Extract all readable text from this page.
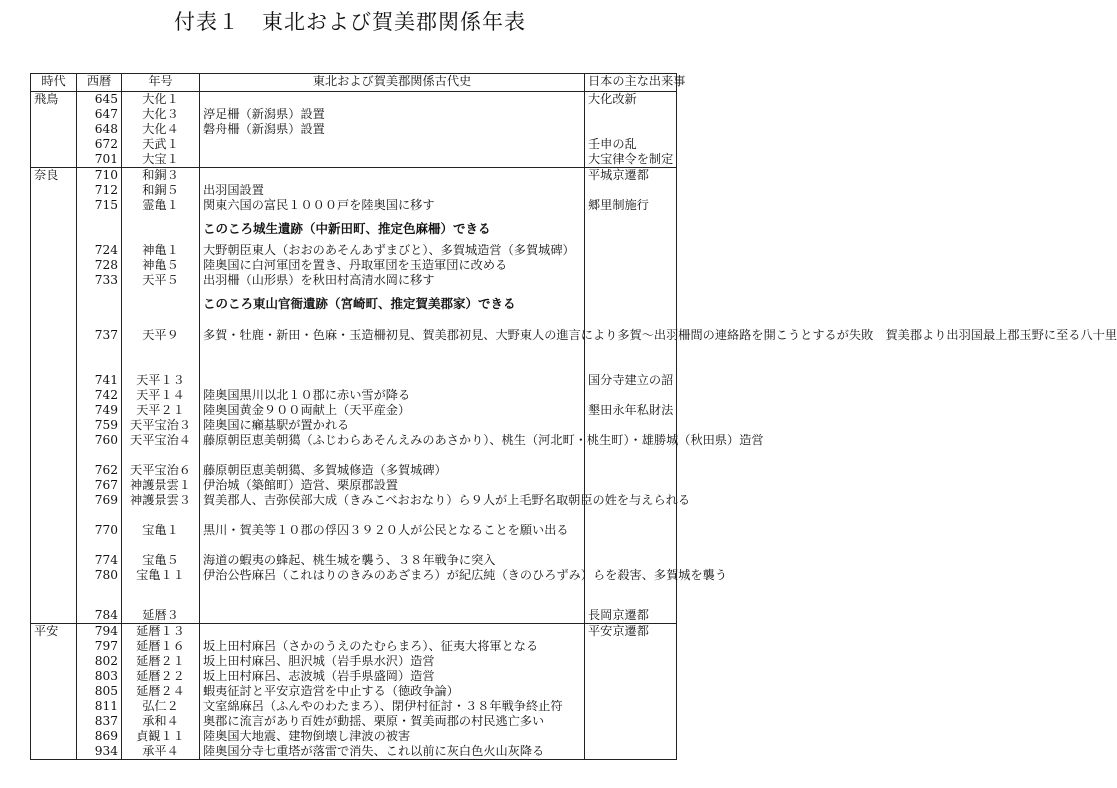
付表１　東北および賀美郡関係年表
時代	西暦	年号	東北および賀美郡関係古代史	日本の主な出来事
飛鳥	645	大化１		大化改新
	647	大化３	渟足柵（新潟県）設置	
	648	大化４	磐舟柵（新潟県）設置	
	672	天武１		壬申の乱
	701	大宝１		大宝律令を制定
奈良	710	和銅３		平城京遷都
	712	和銅５	出羽国設置	
	715	霊亀１	関東六国の富民１０００戸を陸奥国に移す	郷里制施行
			このころ城生遺跡（中新田町、推定色麻柵）できる	
	724	神亀１	大野朝臣東人（おおのあそんあずまびと）、多賀城造営（多賀城碑）	
	728	神亀５	陸奥国に白河軍団を置き、丹取軍団を玉造軍団に改める	
	733	天平５	出羽柵（山形県）を秋田村高清水岡に移す	
			このころ東山官衙遺跡（宮崎町、推定賀美郡家）できる	

	737	天平９	多賀・牡鹿・新田・色麻・玉造柵初見、賀美郡初見、大野東人の進言により多賀～出羽柵間の連絡路を開こうとするが失敗　賀美郡より出羽国最上郡玉野に至る八十里	
	741	天平１３		国分寺建立の詔
	742	天平１４	陸奥国黒川以北１０郡に赤い雪が降る	
	749	天平２１	陸奥国黄金９００両献上（天平産金）	墾田永年私財法
	759	天平宝治３	陸奥国に癩基駅が置かれる	
	760	天平宝治４	藤原朝臣恵美朝獦（ふじわらあそんえみのあさかり）、桃生（河北町・桃生町）・雄勝城（秋田県）造営	
	762	天平宝治６	藤原朝臣恵美朝獦、多賀城修造（多賀城碑）	
	767	神護景雲１	伊治城（築館町）造営、栗原郡設置	
	769	神護景雲３	賀美郡人、吉弥侯部大成（きみこべおおなり）ら９人が上毛野名取朝臣の姓を与えられる	
	770	宝亀１	黒川・賀美等１０郡の俘囚３９２０人が公民となることを願い出る	
	774	宝亀５	海道の蝦夷の蜂起、桃生城を襲う、３８年戦争に突入	
	780	宝亀１１	伊治公呰麻呂（これはりのきみのあざまろ）が紀広純（きのひろずみ）らを殺害、多賀城を襲う	

	784	延暦３		長岡京遷都
平安	794	延暦１３		平安京遷都
	797	延暦１６	坂上田村麻呂（さかのうえのたむらまろ）、征夷大将軍となる	
	802	延暦２１	坂上田村麻呂、胆沢城（岩手県水沢）造営	
	803	延暦２２	坂上田村麻呂、志波城（岩手県盛岡）造営	
	805	延暦２４	蝦夷征討と平安京造営を中止する（徳政争論）	
	811	弘仁２	文室綿麻呂（ふんやのわたまろ）、閉伊村征討・３８年戦争終止符	
	837	承和４	奥郡に流言があり百姓が動揺、栗原・賀美両郡の村民逃亡多い	
	869	貞観１１	陸奥国大地震、建物倒壊し津波の被害	
	934	承平４	陸奥国分寺七重塔が落雷で消失、これ以前に灰白色火山灰降る	
